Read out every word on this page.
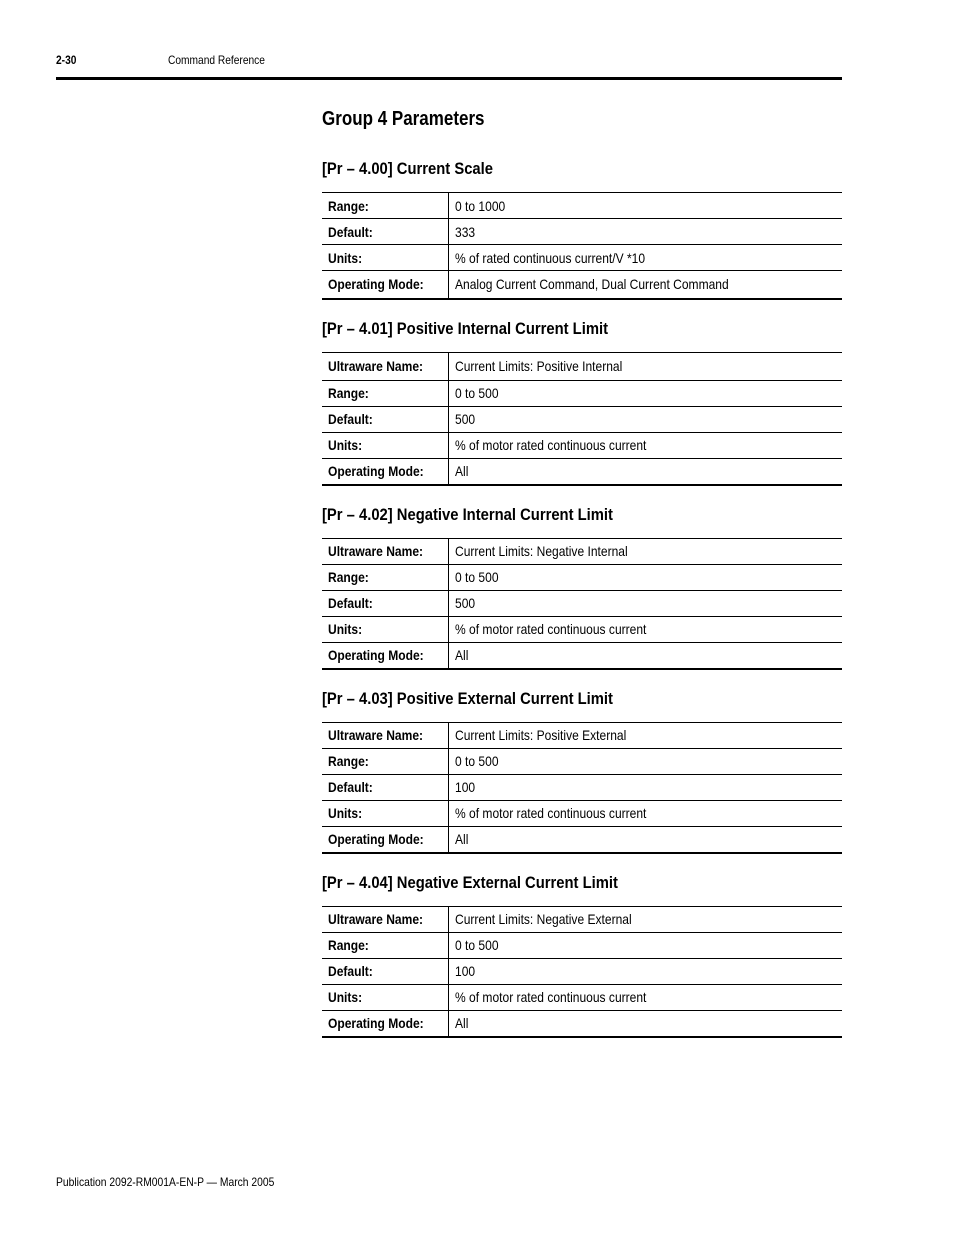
2-30	Command Reference
Group 4 Parameters
[Pr – 4.00] Current Scale
Range:	0 to 1000
Default:	333
Units:	% of rated continuous current/V *10
Operating Mode:	Analog Current Command, Dual Current Command
[Pr – 4.01] Positive Internal Current Limit
Ultraware Name:	Current Limits: Positive Internal
Range:	0 to 500
Default:	500
Units:	% of motor rated continuous current
Operating Mode:	All
[Pr – 4.02] Negative Internal Current Limit
Ultraware Name:	Current Limits: Negative Internal
Range:	0 to 500
Default:	500
Units:	% of motor rated continuous current
Operating Mode:	All
[Pr – 4.03] Positive External Current Limit
Ultraware Name:	Current Limits: Positive External
Range:	0 to 500
Default:	100
Units:	% of motor rated continuous current
Operating Mode:	All
[Pr – 4.04] Negative External Current Limit
Ultraware Name:	Current Limits: Negative External
Range:	0 to 500
Default:	100
Units:	% of motor rated continuous current
Operating Mode:	All
Publication 2092-RM001A-EN-P — March 2005
